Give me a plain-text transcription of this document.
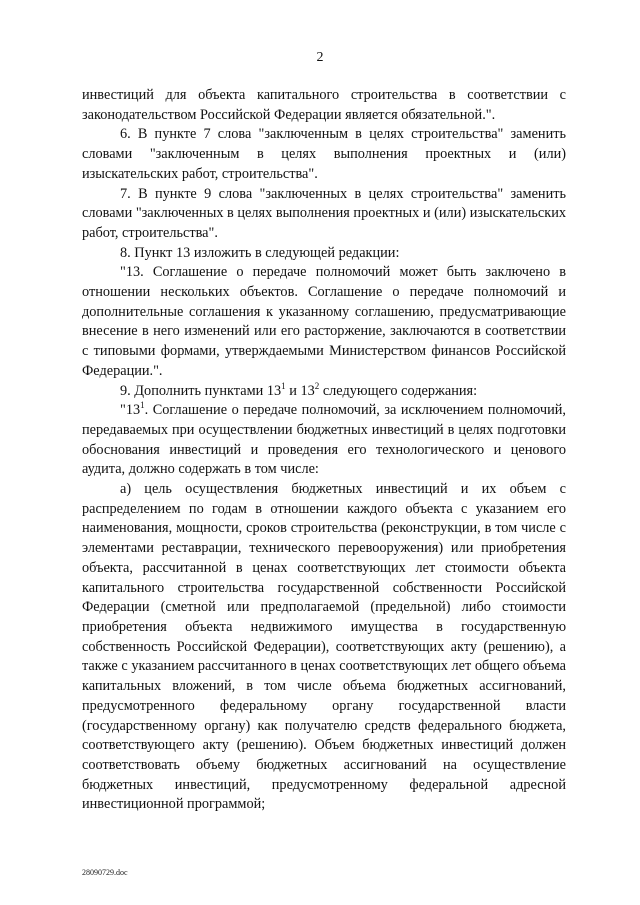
2

инвестиций для объекта капитального строительства в соответствии с законодательством Российской Федерации является обязательной.".

6. В пункте 7 слова "заключенным в целях строительства" заменить словами "заключенным в целях выполнения проектных и (или) изыскательских работ, строительства".

7. В пункте 9 слова "заключенных в целях строительства" заменить словами "заключенных в целях выполнения проектных и (или) изыскательских работ, строительства".

8. Пункт 13 изложить в следующей редакции:

"13. Соглашение о передаче полномочий может быть заключено в отношении нескольких объектов. Соглашение о передаче полномочий и дополнительные соглашения к указанному соглашению, предусматривающие внесение в него изменений или его расторжение, заключаются в соответствии с типовыми формами, утверждаемыми Министерством финансов Российской Федерации.".

9. Дополнить пунктами $13^1$ и $13^2$ следующего содержания:

"$13^1$. Соглашение о передаче полномочий, за исключением полномочий, передаваемых при осуществлении бюджетных инвестиций в целях подготовки обоснования инвестиций и проведения его технологического и ценового аудита, должно содержать в том числе:

а) цель осуществления бюджетных инвестиций и их объем с распределением по годам в отношении каждого объекта с указанием его наименования, мощности, сроков строительства (реконструкции, в том числе с элементами реставрации, технического перевооружения) или приобретения объекта, рассчитанной в ценах соответствующих лет стоимости объекта капитального строительства государственной собственности Российской Федерации (сметной или предполагаемой (предельной) либо стоимости приобретения объекта недвижимого имущества в государственную собственность Российской Федерации), соответствующих акту (решению), а также с указанием рассчитанного в ценах соответствующих лет общего объема капитальных вложений, в том числе объема бюджетных ассигнований, предусмотренного федеральному органу государственной власти (государственному органу) как получателю средств федерального бюджета, соответствующего акту (решению). Объем бюджетных инвестиций должен соответствовать объему бюджетных ассигнований на осуществление бюджетных инвестиций, предусмотренному федеральной адресной инвестиционной программой;

28090729.doc
